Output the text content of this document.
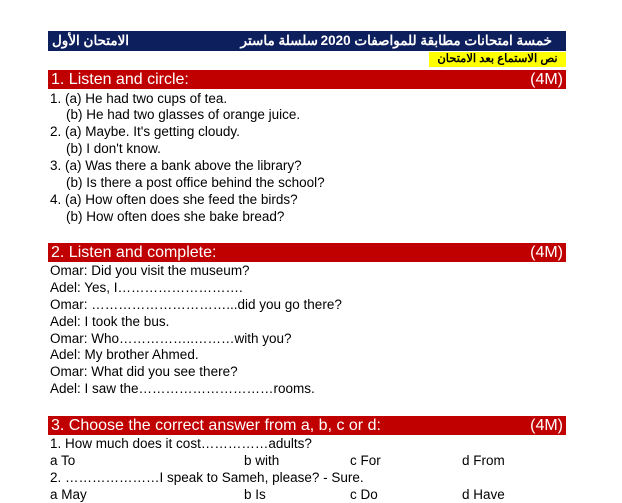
خمسة امتحانات مطابقة للمواصفات 2020
سلسلة ماستر
الامتحان الأول
نص الاستماع بعد الامتحان
1. Listen and circle:	(4M)
1. (a) He had two cups of tea.
(b) He had two glasses of orange juice.
2. (a) Maybe. It's getting cloudy.
(b) I don't know.
3. (a) Was there a bank above the library?
(b) Is there a post office behind the school?
4. (a) How often does she feed the birds?
(b) How often does she bake bread?
2. Listen and complete:	(4M)
Omar: Did you visit the museum?
Adel: Yes, I……………………….
Omar: …………………………...did you go there?
Adel: I took the bus.
Omar: Who……………..………with you?
Adel: My brother Ahmed.
Omar: What did you see there?
Adel: I saw the…………………………rooms.
3. Choose the correct answer from a, b, c or d:	(4M)
1. How much does it cost……………adults?
a To	b with	c For	d From
2. …………………I speak to Sameh, please? - Sure.
a May	b Is	c Do	d Have
